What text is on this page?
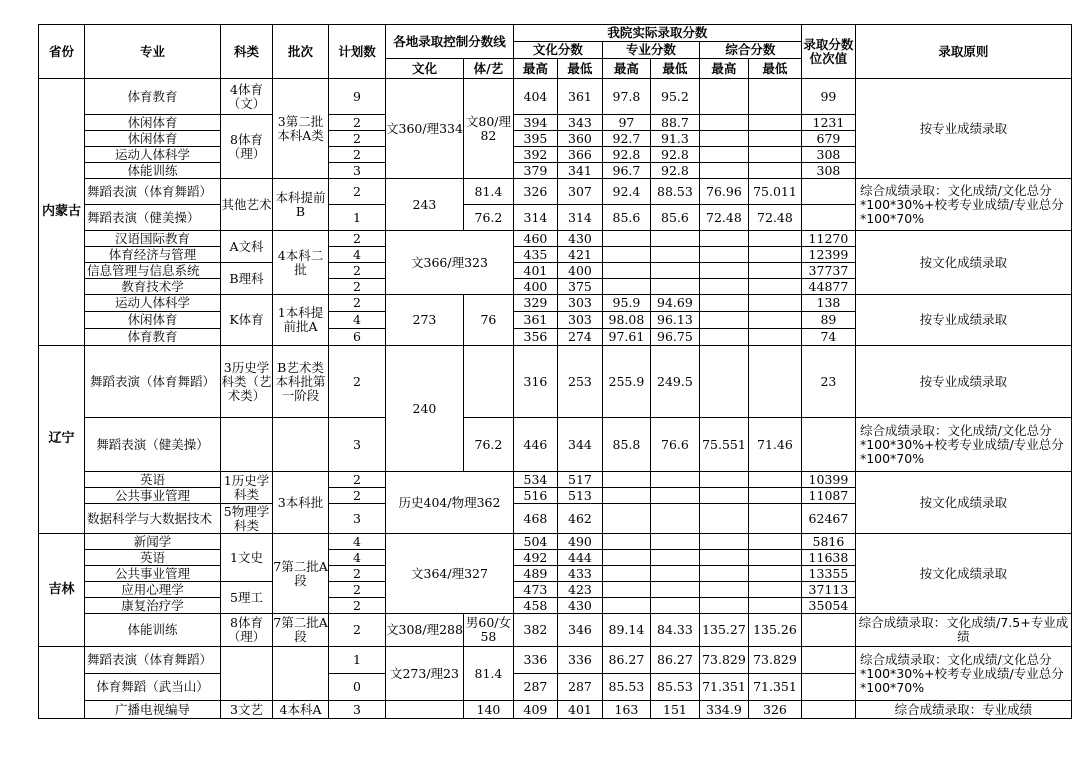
省份	专业	科类	批次	计划数	各地录取控制分数线		我院实际录取分数						录取分数位次值	录取原则
							文化分数		专业分数		综合分数			
					文化	体/艺	最高	最低	最高	最低	最高	最低		
内蒙古	体育教育	4体育（文）	3第二批本科A类	9	文360/理334	文80/理82	404	361	97.8	95.2			99	按专业成绩录取
	休闲体育	8体育（理）		2			394	343	97	88.7			1231	
	休闲体育			2			395	360	92.7	91.3			679	
	运动人体科学			2			392	366	92.8	92.8			308	
	体能训练			3			379	341	96.7	92.8			308	
	舞蹈表演（体育舞蹈）	其他艺术	本科提前B	2	243	81.4	326	307	92.4	88.53	76.96	75.011		综合成绩录取：文化成绩/文化总分*100*30%+校考专业成绩/专业总分*100*70%
	舞蹈表演（健美操）			1		76.2	314	314	85.6	85.6	72.48	72.48		
	汉语国际教育	A文科	4本科二批	2	文366/理323		460	430					11270	按文化成绩录取
	体育经济与管理			4			435	421					12399	
	信息管理与信息系统	B理科		2			401	400					37737	
	教育技术学			2			400	375					44877	
	运动人体科学	K体育	1本科提前批A	2	273	76	329	303	95.9	94.69			138	按专业成绩录取
	休闲体育			4			361	303	98.08	96.13			89	
	体育教育			6			356	274	97.61	96.75			74	
辽宁	舞蹈表演（体育舞蹈）	3历史学科类（艺术类）	B艺术类本科批第一阶段	2	240		316	253	255.9	249.5			23	按专业成绩录取
	舞蹈表演（健美操）			3		76.2	446	344	85.8	76.6	75.551	71.46		综合成绩录取：文化成绩/文化总分*100*30%+校考专业成绩/专业总分*100*70%
	英语	1历史学科类	3本科批	2	历史404/物理362		534	517					10399	按文化成绩录取
	公共事业管理			2			516	513					11087	
	数据科学与大数据技术	5物理学科类		3			468	462					62467	
吉林	新闻学	1文史	7第二批A段	4	文364/理327		504	490					5816	按文化成绩录取
	英语			4			492	444					11638	
	公共事业管理			2			489	433					13355	
	应用心理学	5理工		2			473	423					37113	
	康复治疗学			2			458	430					35054	
	体能训练	8体育（理）	7第二批A段	2	文308/理288	男60/女58	382	346	89.14	84.33	135.27	135.26		综合成绩录取：文化成绩/7.5+专业成绩
	舞蹈表演（体育舞蹈）			1	文273/理23	81.4	336	336	86.27	86.27	73.829	73.829		综合成绩录取：文化成绩/文化总分*100*30%+校考专业成绩/专业总分*100*70%
	体育舞蹈（武当山）			0			287	287	85.53	85.53	71.351	71.351		
	广播电视编导	3文艺	4本科A	3		140	409	401	163	151	334.9	326		综合成绩录取：专业成绩
